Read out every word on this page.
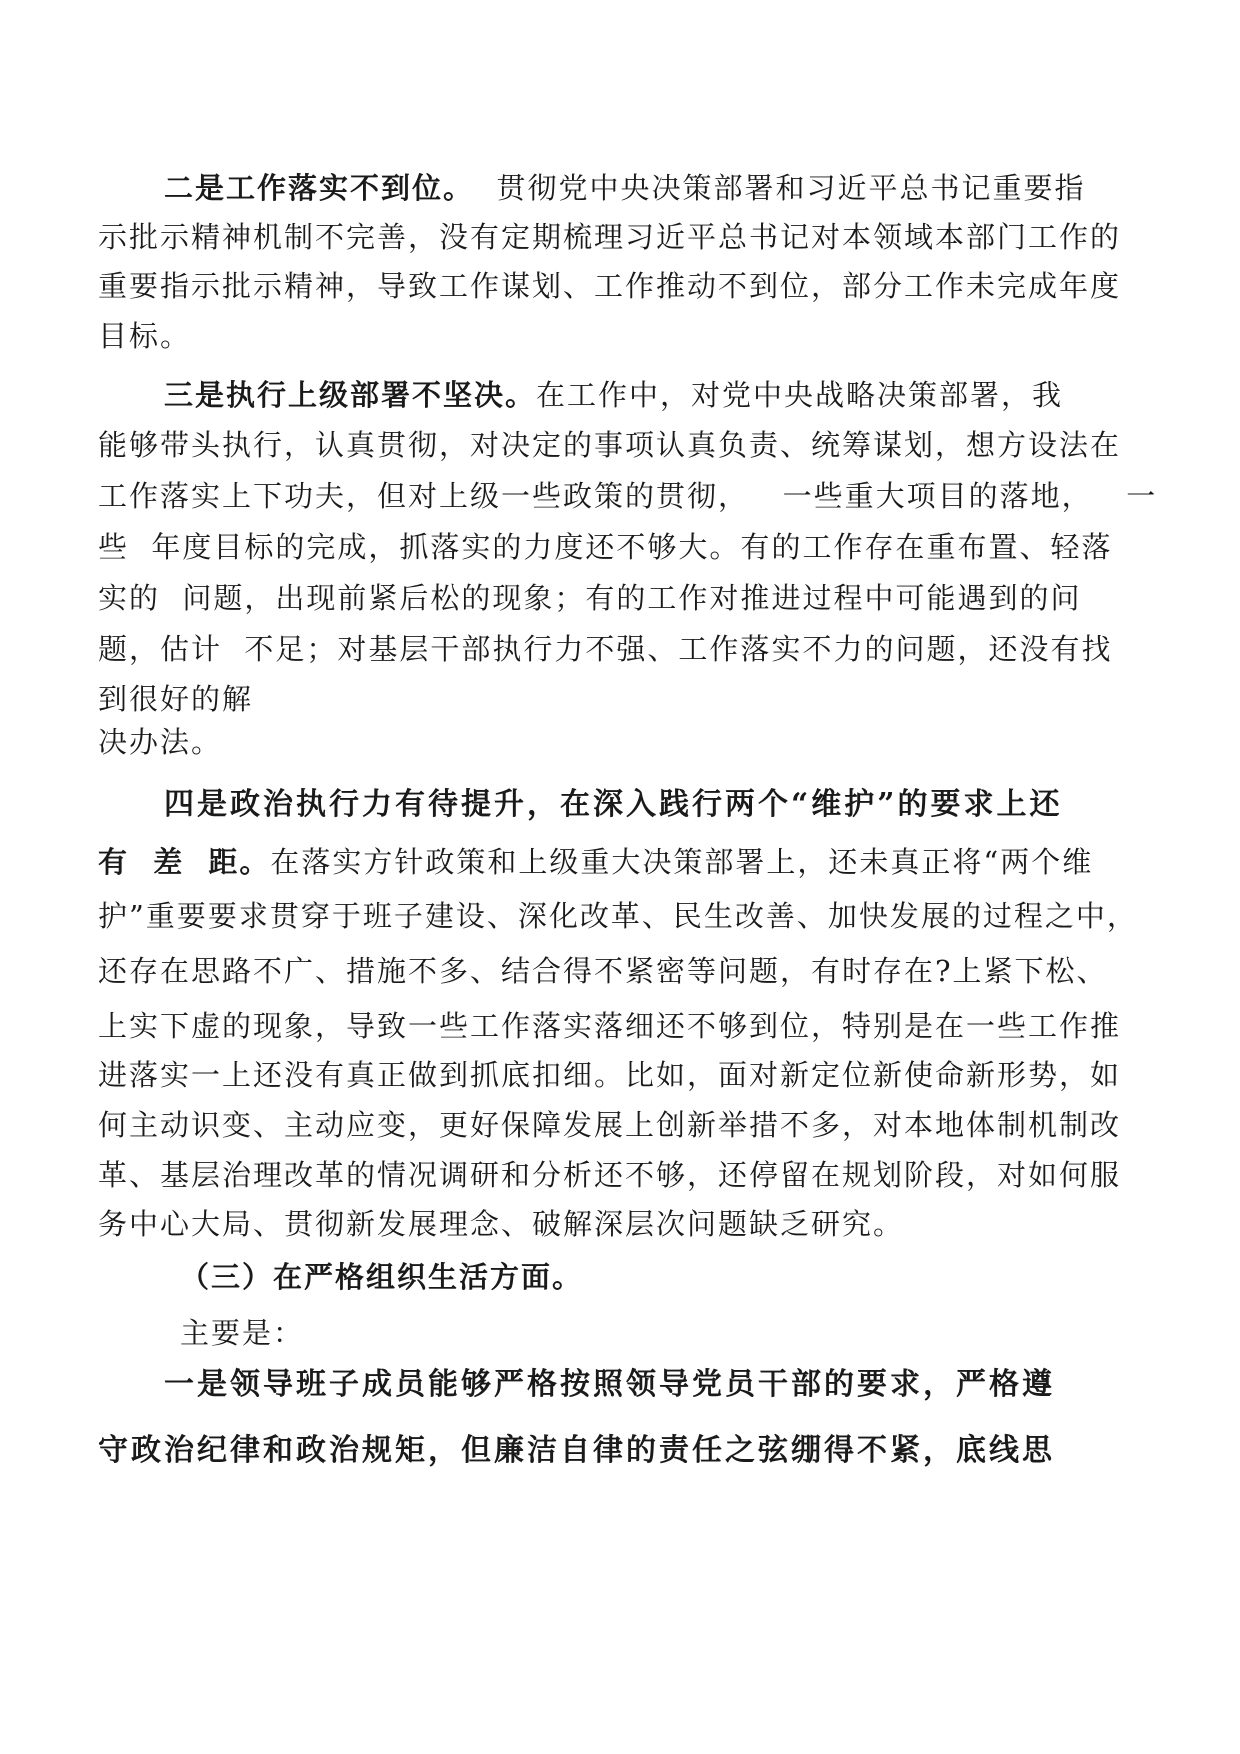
二是工作落实不到位。  贯彻党中央决策部署和习近平总书记重要指
示批示精神机制不完善，没有定期梳理习近平总书记对本领域本部门工作的
重要指示批示精神，导致工作谋划、工作推动不到位，部分工作未完成年度
目标。
三是执行上级部署不坚决。在工作中，对党中央战略决策部署，我
能够带头执行，认真贯彻，对决定的事项认真负责、统筹谋划，想方设法在
工作落实上下功夫，但对上级一些政策的贯彻，   一些重大项目的落地，   一
些  年度目标的完成，抓落实的力度还不够大。有的工作存在重布置、轻落
实的  问题，出现前紧后松的现象；有的工作对推进过程中可能遇到的问
题，估计  不足；对基层干部执行力不强、工作落实不力的问题，还没有找
到很好的解
决办法。
四是政治执行力有待提升，在深入践行两个“维护”的要求上还
有  差  距。在落实方针政策和上级重大决策部署上，还未真正将“两个维
护”重要要求贯穿于班子建设、深化改革、民生改善、加快发展的过程之中，
还存在思路不广、措施不多、结合得不紧密等问题，有时存在?上紧下松、
上实下虚的现象，导致一些工作落实落细还不够到位，特别是在一些工作推
进落实一上还没有真正做到抓底扣细。比如，面对新定位新使命新形势，如
何主动识变、主动应变，更好保障发展上创新举措不多，对本地体制机制改
革、基层治理改革的情况调研和分析还不够，还停留在规划阶段，对如何服
务中心大局、贯彻新发展理念、破解深层次问题缺乏研究。
（三）在严格组织生活方面。
主要是：
一是领导班子成员能够严格按照领导党员干部的要求，严格遵
守政治纪律和政治规矩，但廉洁自律的责任之弦绷得不紧，底线思
